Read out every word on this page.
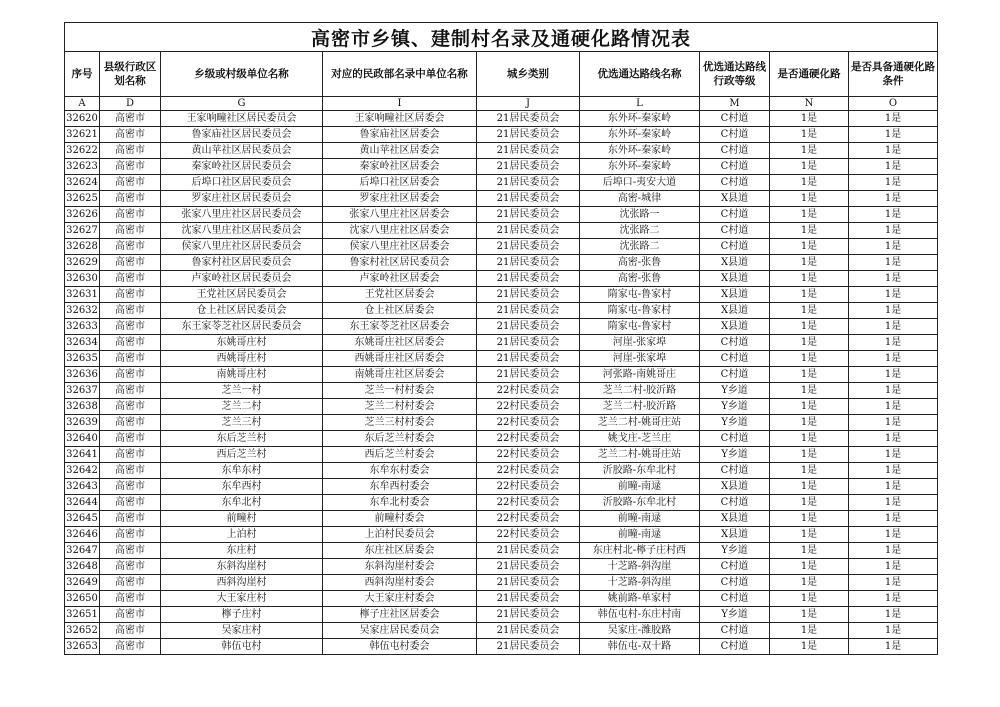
高密市乡镇、建制村名录及通硬化路情况表								
序号	县级行政区划名称	乡级或村级单位名称	对应的民政部名录中单位名称	城乡类别	优选通达路线名称	优选通达路线行政等级	是否通硬化路	是否具备通硬化路条件
A	D	G	I	J	L	M	N	O
32620	高密市	王家响疃社区居民委员会	王家响疃社区居委会	21居民委员会	东外环-秦家岭	C村道	1是	1是
32621	高密市	鲁家庙社区居民委员会	鲁家庙社区居委会	21居民委员会	东外环-秦家岭	C村道	1是	1是
32622	高密市	黄山苹社区居民委员会	黄山苹社区居委会	21居民委员会	东外环-秦家岭	C村道	1是	1是
32623	高密市	秦家岭社区居民委员会	秦家岭社区居委会	21居民委员会	东外环-秦家岭	C村道	1是	1是
32624	高密市	后埠口社区居民委员会	后埠口社区居委会	21居民委员会	后埠口-夷安大道	C村道	1是	1是
32625	高密市	罗家庄社区居民委员会	罗家庄社区居委会	21居民委员会	高密-城律	X县道	1是	1是
32626	高密市	张家八里庄社区居民委员会	张家八里庄社区居委会	21居民委员会	沈张路一	C村道	1是	1是
32627	高密市	沈家八里庄社区居民委员会	沈家八里庄社区居委会	21居民委员会	沈张路二	C村道	1是	1是
32628	高密市	侯家八里庄社区居民委员会	侯家八里庄社区居委会	21居民委员会	沈张路二	C村道	1是	1是
32629	高密市	鲁家村社区居民委员会	鲁家村社区居民委员会	21居民委员会	高密-张鲁	X县道	1是	1是
32630	高密市	卢家岭社区居民委员会	卢家岭社区居委会	21居民委员会	高密-张鲁	X县道	1是	1是
32631	高密市	王党社区居民委员会	王党社区居委会	21居民委员会	隋家屯-鲁家村	X县道	1是	1是
32632	高密市	仓上社区居民委员会	仓上社区居委会	21居民委员会	隋家屯-鲁家村	X县道	1是	1是
32633	高密市	东王家苓芝社区居民委员会	东王家苓芝社区居委会	21居民委员会	隋家屯-鲁家村	X县道	1是	1是
32634	高密市	东姚哥庄村	东姚哥庄社区居委会	21居民委员会	河崖-张家埠	C村道	1是	1是
32635	高密市	西姚哥庄村	西姚哥庄社区居委会	21居民委员会	河崖-张家埠	C村道	1是	1是
32636	高密市	南姚哥庄村	南姚哥庄社区居委会	21居民委员会	河张路-南姚哥庄	C村道	1是	1是
32637	高密市	芝兰一村	芝兰一村村委会	22村民委员会	芝兰二村-胶沂路	Y乡道	1是	1是
32638	高密市	芝兰二村	芝兰二村村委会	22村民委员会	芝兰二村-胶沂路	Y乡道	1是	1是
32639	高密市	芝兰三村	芝兰三村村委会	22村民委员会	芝兰二村-姚哥庄站	Y乡道	1是	1是
32640	高密市	东后芝兰村	东后芝兰村委会	22村民委员会	姚戈庄-芝兰庄	C村道	1是	1是
32641	高密市	西后芝兰村	西后芝兰村委会	22村民委员会	芝兰二村-姚哥庄站	Y乡道	1是	1是
32642	高密市	东牟东村	东牟东村委会	22村民委员会	沂胶路-东牟北村	C村道	1是	1是
32643	高密市	东牟西村	东牟西村委会	22村民委员会	前疃-南逯	X县道	1是	1是
32644	高密市	东牟北村	东牟北村委会	22村民委员会	沂胶路-东牟北村	C村道	1是	1是
32645	高密市	前疃村	前疃村委会	22村民委员会	前疃-南逯	X县道	1是	1是
32646	高密市	上泊村	上泊村民委员会	22村民委员会	前疃-南逯	X县道	1是	1是
32647	高密市	东庄村	东庄社区居委会	21居民委员会	东庄村北-檸子庄村西	Y乡道	1是	1是
32648	高密市	东斜沟崖村	东斜沟崖村委会	21居民委员会	十芝路-斜沟崖	C村道	1是	1是
32649	高密市	西斜沟崖村	西斜沟崖村委会	21居民委员会	十芝路-斜沟崖	C村道	1是	1是
32650	高密市	大王家庄村	大王家庄村委会	21居民委员会	姚前路-单家村	C村道	1是	1是
32651	高密市	檸子庄村	檸子庄社区居委会	21居民委员会	韩伍屯村-东庄村南	Y乡道	1是	1是
32652	高密市	吴家庄村	吴家庄居民委员会	21居民委员会	吴家庄-潍胶路	C村道	1是	1是
32653	高密市	韩伍屯村	韩伍屯村委会	21居民委员会	韩伍屯-双十路	C村道	1是	1是
